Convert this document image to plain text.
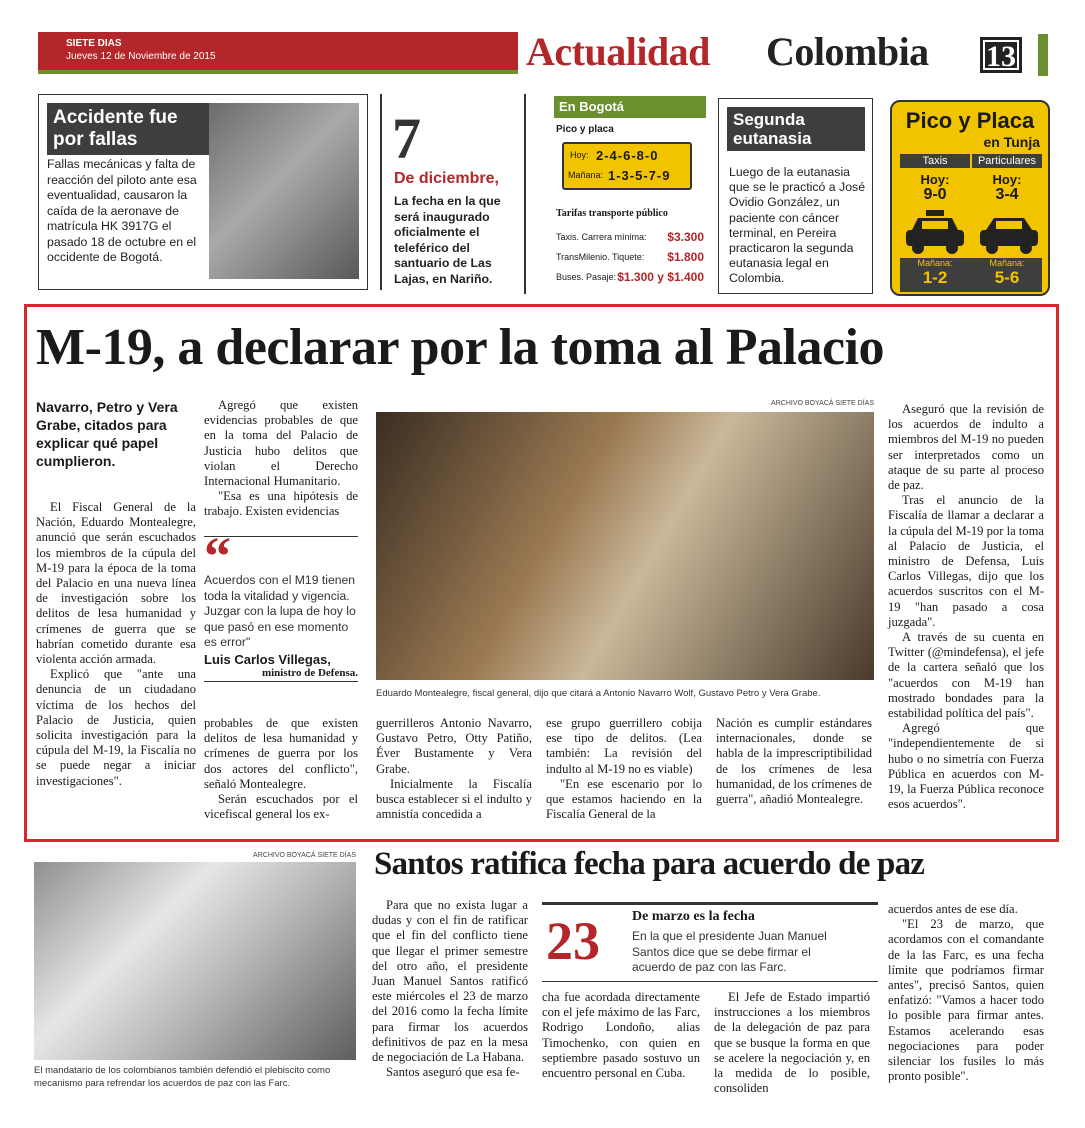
SIETE DIAS
Jueves 12 de Noviembre de 2015	Actualidad Colombia 13
Accidente fue por fallas
Fallas mecánicas y falta de reacción del piloto ante esa eventualidad, causaron la caída de la aeronave de matrícula HK 3917G el pasado 18 de octubre en el occidente de Bogotá.
7
De diciembre,
La fecha en la que será inaugurado oficialmente el teleférico del santuario de Las Lajas, en Nariño.
En Bogotá
Pico y placa
Hoy: 2-4-6-8-0
Mañana: 1-3-5-7-9
Tarifas transporte público
Taxis. Carrera mínima: $3.300
TransMilenio. Tiquete: $1.800
Buses. Pasaje: $1.300 y $1.400
Segunda eutanasia
Luego de la eutanasia que se le practicó a José Ovidio González, un paciente con cáncer terminal, en Pereira practicaron la segunda eutanasia legal en Colombia.
Pico y Placa
en Tunja
Taxis	Particulares
Hoy:
9-0
Hoy:
3-4
Mañana:
1-2
Mañana:
5-6
M-19, a declarar por la toma al Palacio
Navarro, Petro y Vera Grabe, citados para explicar qué papel cumplieron.

El Fiscal General de la Nación, Eduardo Montealegre, anunció que serán escuchados los miembros de la cúpula del M-19 para la época de la toma del Palacio en una nueva línea de investigación sobre los delitos de lesa humanidad y crímenes de guerra que se habrían cometido durante esa violenta acción armada.

Explicó que "ante una denuncia de un ciudadano víctima de los hechos del Palacio de Justicia, quien solicita investigación para la cúpula del M-19, la Fiscalía no se puede negar a iniciar investigaciones".

Agregó que existen evidencias probables de que en la toma del Palacio de Justicia hubo delitos que violan el Derecho Internacional Humanitario.

"Esa es una hipótesis de trabajo. Existen evidencias

“
Acuerdos con el M19 tienen toda la vitalidad y vigencia. Juzgar con la lupa de hoy lo que pasó en ese momento es error"
Luis Carlos Villegas,
ministro de Defensa.

probables de que existen delitos de lesa humanidad y crímenes de guerra por los dos actores del conflicto", señaló Montealegre.

Serán escuchados por el vicefiscal general los ex-

ARCHIVO BOYACÁ SIETE DÍAS
Eduardo Montealegre, fiscal general, dijo que citará a Antonio Navarro Wolf, Gustavo Petro y Vera Grabe.

guerrilleros Antonio Navarro, Gustavo Petro, Otty Patiño, Éver Bustamente y Vera Grabe.

Inicialmente la Fiscalía busca establecer si el indulto y amnistía concedida a

ese grupo guerrillero cobija ese tipo de delitos. (Lea también: La revisión del indulto al M-19 no es viable)

"En ese escenario por lo que estamos haciendo en la Fiscalía General de la

Nación es cumplir estándares internacionales, donde se habla de la imprescriptibilidad de los crímenes de lesa humanidad, de los crímenes de guerra", añadió Montealegre.

Aseguró que la revisión de los acuerdos de indulto a miembros del M-19 no pueden ser interpretados como un ataque de su parte al proceso de paz.

Tras el anuncio de la Fiscalía de llamar a declarar a la cúpula del M-19 por la toma al Palacio de Justicia, el ministro de Defensa, Luis Carlos Villegas, dijo que los acuerdos suscritos con el M-19 "han pasado a cosa juzgada".

A través de su cuenta en Twitter (@mindefensa), el jefe de la cartera señaló que los "acuerdos con M-19 han mostrado bondades para la estabilidad política del país".

Agregó que "independientemente de si hubo o no simetría con Fuerza Pública en acuerdos con M-19, la Fuerza Pública reconoce esos acuerdos".

ARCHIVO BOYACÁ SIETE DÍAS
El mandatario de los colombianos también defendió el plebiscito como mecanismo para refrendar los acuerdos de paz con las Farc.
Santos ratifica fecha para acuerdo de paz

Para que no exista lugar a dudas y con el fin de ratificar que el fin del conflicto tiene que llegar el primer semestre del otro año, el presidente Juan Manuel Santos ratificó este miércoles el 23 de marzo del 2016 como la fecha límite para firmar los acuerdos definitivos de paz en la mesa de negociación de La Habana.

Santos aseguró que esa fe-

23 De marzo es la fecha
En la que el presidente Juan Manuel Santos dice que se debe firmar el acuerdo de paz con las Farc.

cha fue acordada directamente con el jefe máximo de las Farc, Rodrigo Londoño, alias Timochenko, con quien en septiembre pasado sostuvo un encuentro personal en Cuba.

El Jefe de Estado impartió instrucciones a los miembros de la delegación de paz para que se busque la forma en que se acelere la negociación y, en la medida de lo posible, consoliden

acuerdos antes de ese día.

"El 23 de marzo, que acordamos con el comandante de la las Farc, es una fecha límite que podríamos firmar antes", precisó Santos, quien enfatizó: "Vamos a hacer todo lo posible para firmar antes. Estamos acelerando esas negociaciones para poder silenciar los fusiles lo más pronto posible".
